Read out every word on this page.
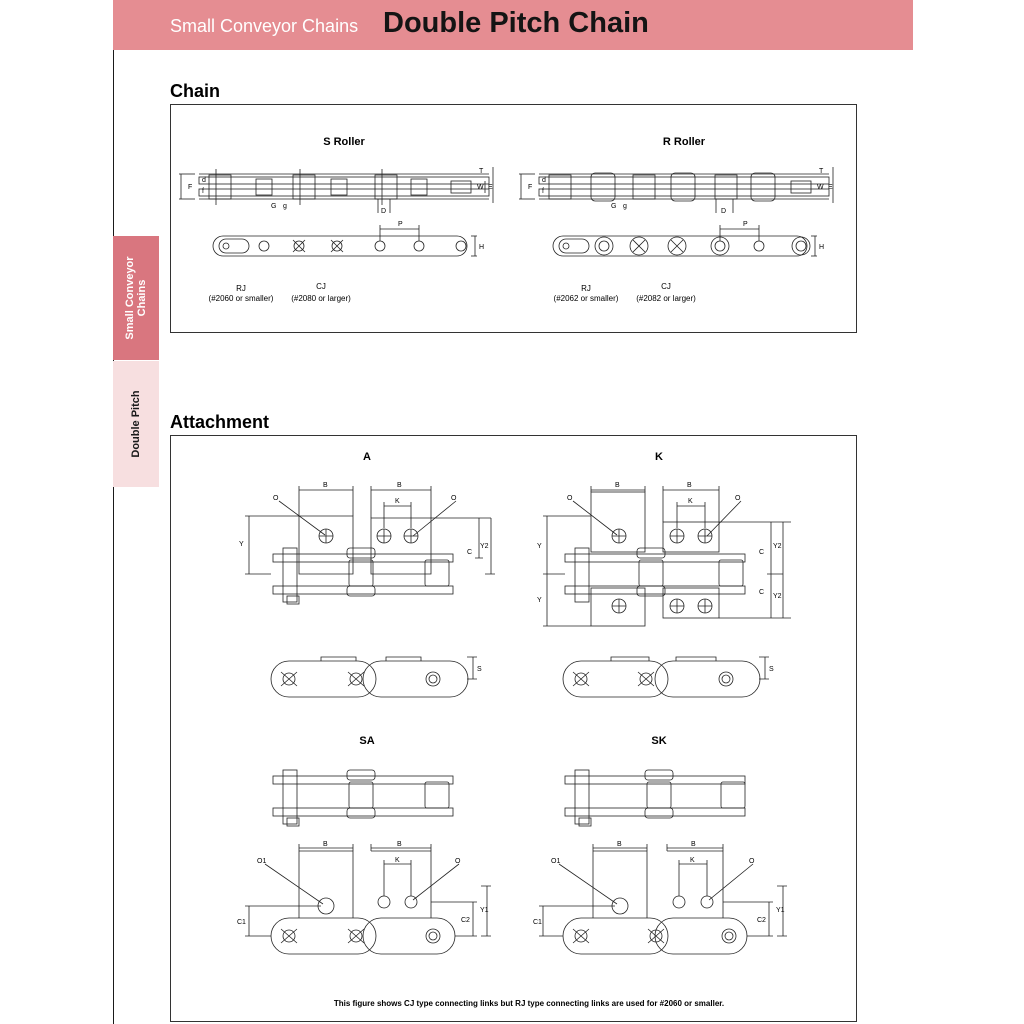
Small Conveyor Chains Double Pitch Chain
Small Conveyor Chains
Double Pitch
Chain
Attachment
S Roller
F
d
f
G g
D
T
W E
P
H
RJ
(#2060 or smaller)
CJ
(#2080 or larger)
R Roller
F
d
f
G g
D
T
W E
P
H
RJ
(#2062 or smaller)
CJ
(#2082 or larger)
A
B	B
K
O	O
Y
C
Y2
S
K
B	B
K
O	O
Y
Y
C
C
Y2
Y2
S
SA
B	B
K
O1	O
C1	C2
Y1
SK
B	B
K
O1	O
C1	C2
Y1
This figure shows CJ type connecting links but RJ type connecting links are used for #2060 or smaller.
